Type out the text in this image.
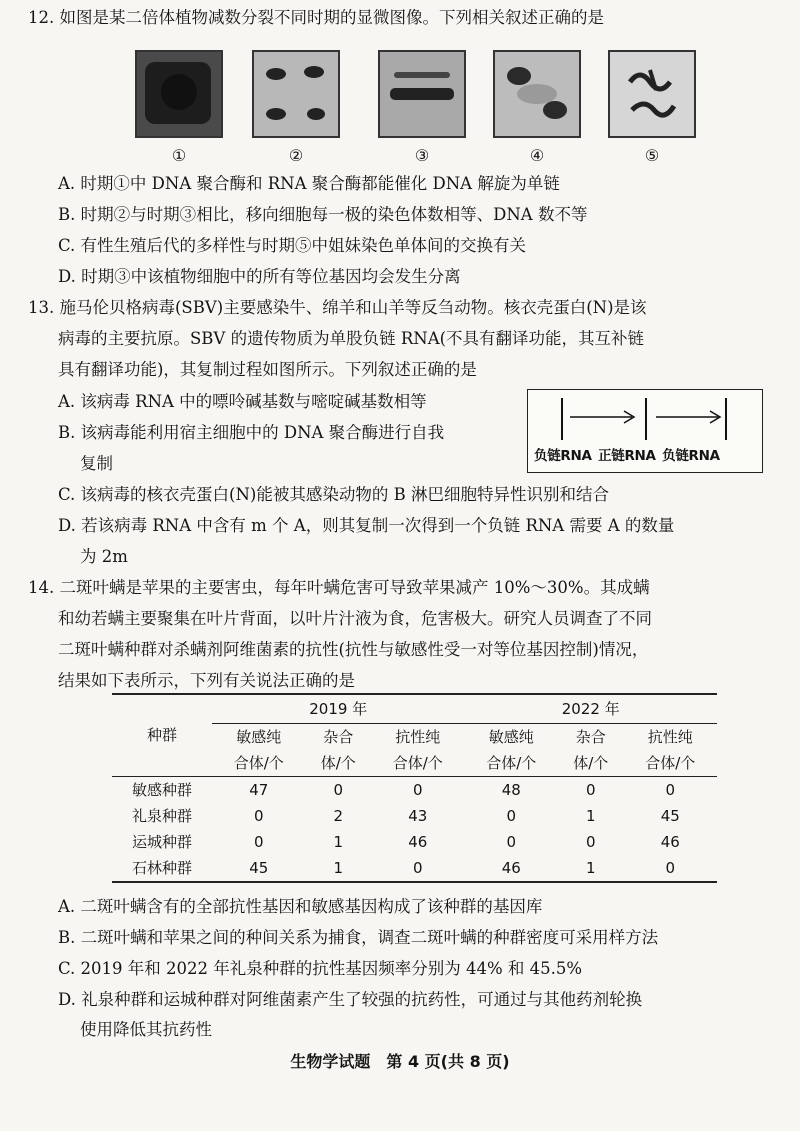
12. 如图是某二倍体植物减数分裂不同时期的显微图像。下列相关叙述正确的是
①	②	③	④	⑤
A. 时期①中 DNA 聚合酶和 RNA 聚合酶都能催化 DNA 解旋为单链
B. 时期②与时期③相比，移向细胞每一极的染色体数相等、DNA 数不等
C. 有性生殖后代的多样性与时期⑤中姐妹染色单体间的交换有关
D. 时期③中该植物细胞中的所有等位基因均会发生分离
13. 施马伦贝格病毒(SBV)主要感染牛、绵羊和山羊等反刍动物。核衣壳蛋白(N)是该
病毒的主要抗原。SBV 的遗传物质为单股负链 RNA(不具有翻译功能，其互补链
具有翻译功能)，其复制过程如图所示。下列叙述正确的是
负链RNA 正链RNA 负链RNA
A. 该病毒 RNA 中的嘌呤碱基数与嘧啶碱基数相等
B. 该病毒能利用宿主细胞中的 DNA 聚合酶进行自我
复制
C. 该病毒的核衣壳蛋白(N)能被其感染动物的 B 淋巴细胞特异性识别和结合
D. 若该病毒 RNA 中含有 m 个 A，则其复制一次得到一个负链 RNA 需要 A 的数量
为 2m
14. 二斑叶螨是苹果的主要害虫，每年叶螨危害可导致苹果减产 10%～30%。其成螨
和幼若螨主要聚集在叶片背面，以叶片汁液为食，危害极大。研究人员调查了不同
二斑叶螨种群对杀螨剂阿维菌素的抗性(抗性与敏感性受一对等位基因控制)情况，
结果如下表所示，下列有关说法正确的是
种群	2019 年			2022 年		
	敏感纯	杂合	抗性纯	敏感纯	杂合	抗性纯
	合体/个	体/个	合体/个	合体/个	体/个	合体/个
敏感种群	47	0	0	48	0	0
礼泉种群	0	2	43	0	1	45
运城种群	0	1	46	0	0	46
石林种群	45	1	0	46	1	0
A. 二斑叶螨含有的全部抗性基因和敏感基因构成了该种群的基因库
B. 二斑叶螨和苹果之间的种间关系为捕食，调查二斑叶螨的种群密度可采用样方法
C. 2019 年和 2022 年礼泉种群的抗性基因频率分别为 44% 和 45.5%
D. 礼泉种群和运城种群对阿维菌素产生了较强的抗药性，可通过与其他药剂轮换
使用降低其抗药性
生物学试题　第 4 页(共 8 页)
